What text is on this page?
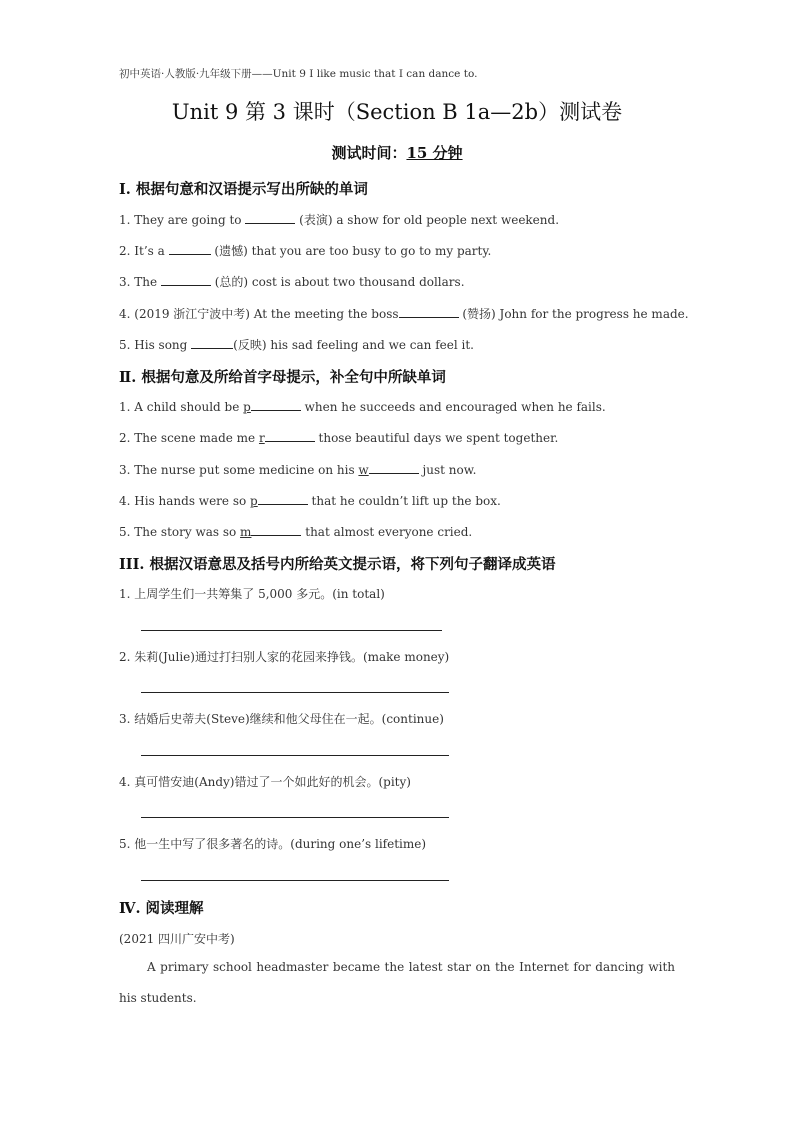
初中英语·人教版·九年级下册——Unit 9 I like music that I can dance to.
Unit 9 第 3 课时（Section B 1a—2b）测试卷
测试时间：15 分钟
Ⅰ. 根据句意和汉语提示写出所缺的单词
1. They are going to	(表演) a show for old people next weekend.
2. It’s a	(遗憾) that you are too busy to go to my party.
3. The	(总的) cost is about two thousand dollars.
4. (2019 浙江宁波中考) At the meeting the boss	(赞扬) John for the progress he made.
5. His song	(反映) his sad feeling and we can feel it.
Ⅱ. 根据句意及所给首字母提示，补全句中所缺单词
1. A child should be p	when he succeeds and encouraged when he fails.
2. The scene made me r	those beautiful days we spent together.
3. The nurse put some medicine on his w	just now.
4. His hands were so p	that he couldn’t lift up the box.
5. The story was so m	that almost everyone cried.
III. 根据汉语意思及括号内所给英文提示语，将下列句子翻译成英语
1. 上周学生们一共筹集了 5,000 多元。(in total)
2. 朱莉(Julie)通过打扫别人家的花园来挣钱。(make money)
3. 结婚后史蒂夫(Steve)继续和他父母住在一起。(continue)
4. 真可惜安迪(Andy)错过了一个如此好的机会。(pity)
5. 他一生中写了很多著名的诗。(during one’s lifetime)
Ⅳ. 阅读理解
(2021 四川广安中考)
A primary school headmaster became the latest star on the Internet for dancing with his students.
